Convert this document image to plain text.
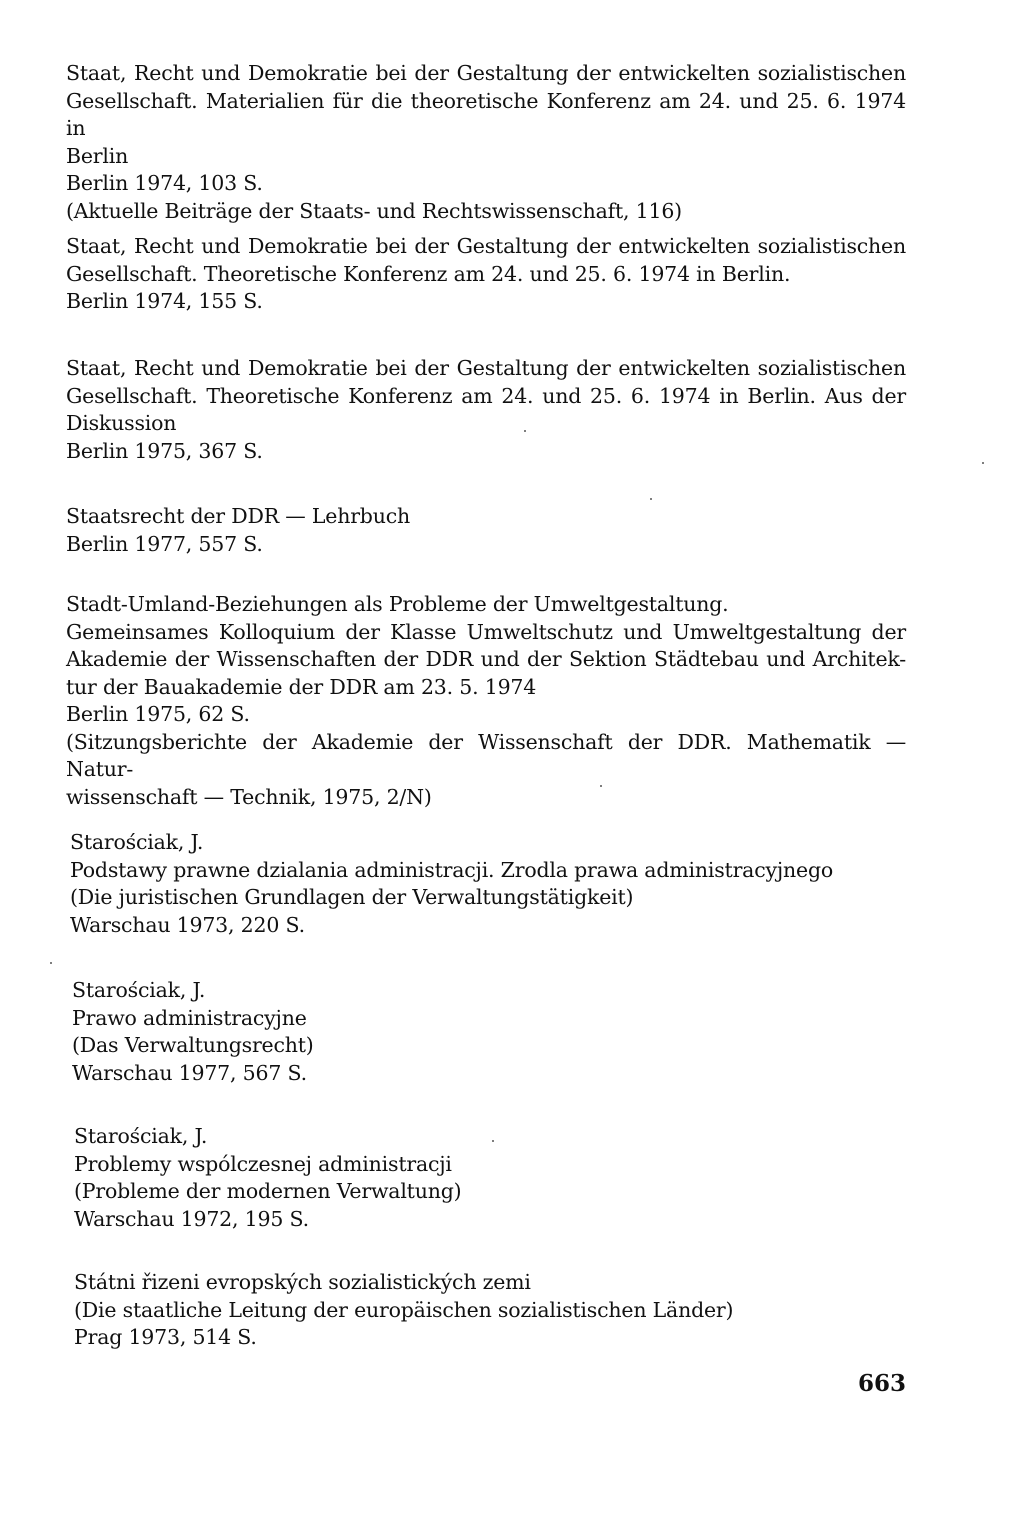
Staat, Recht und Demokratie bei der Gestaltung der entwickelten sozialistischen
Gesellschaft. Materialien für die theoretische Konferenz am 24. und 25. 6. 1974 in
Berlin
Berlin 1974, 103 S.
(Aktuelle Beiträge der Staats- und Rechtswissenschaft, 116)
Staat, Recht und Demokratie bei der Gestaltung der entwickelten sozialistischen
Gesellschaft. Theoretische Konferenz am 24. und 25. 6. 1974 in Berlin.
Berlin 1974, 155 S.
Staat, Recht und Demokratie bei der Gestaltung der entwickelten sozialistischen
Gesellschaft. Theoretische Konferenz am 24. und 25. 6. 1974 in Berlin. Aus der
Diskussion
Berlin 1975, 367 S.
Staatsrecht der DDR — Lehrbuch
Berlin 1977, 557 S.
Stadt-Umland-Beziehungen als Probleme der Umweltgestaltung.
Gemeinsames Kolloquium der Klasse Umweltschutz und Umweltgestaltung der
Akademie der Wissenschaften der DDR und der Sektion Städtebau und Architek-
tur der Bauakademie der DDR am 23. 5. 1974
Berlin 1975, 62 S.
(Sitzungsberichte der Akademie der Wissenschaft der DDR. Mathematik — Natur-
wissenschaft — Technik, 1975, 2/N)
Starościak, J.
Podstawy prawne dzialania administracji. Zrodla prawa administracyjnego
(Die juristischen Grundlagen der Verwaltungstätigkeit)
Warschau 1973, 220 S.
Starościak, J.
Prawo administracyjne
(Das Verwaltungsrecht)
Warschau 1977, 567 S.
Starościak, J.
Problemy wspólczesnej administracji
(Probleme der modernen Verwaltung)
Warschau 1972, 195 S.
Státni řizeni evropských sozialistických zemi
(Die staatliche Leitung der europäischen sozialistischen Länder)
Prag 1973, 514 S.
663
